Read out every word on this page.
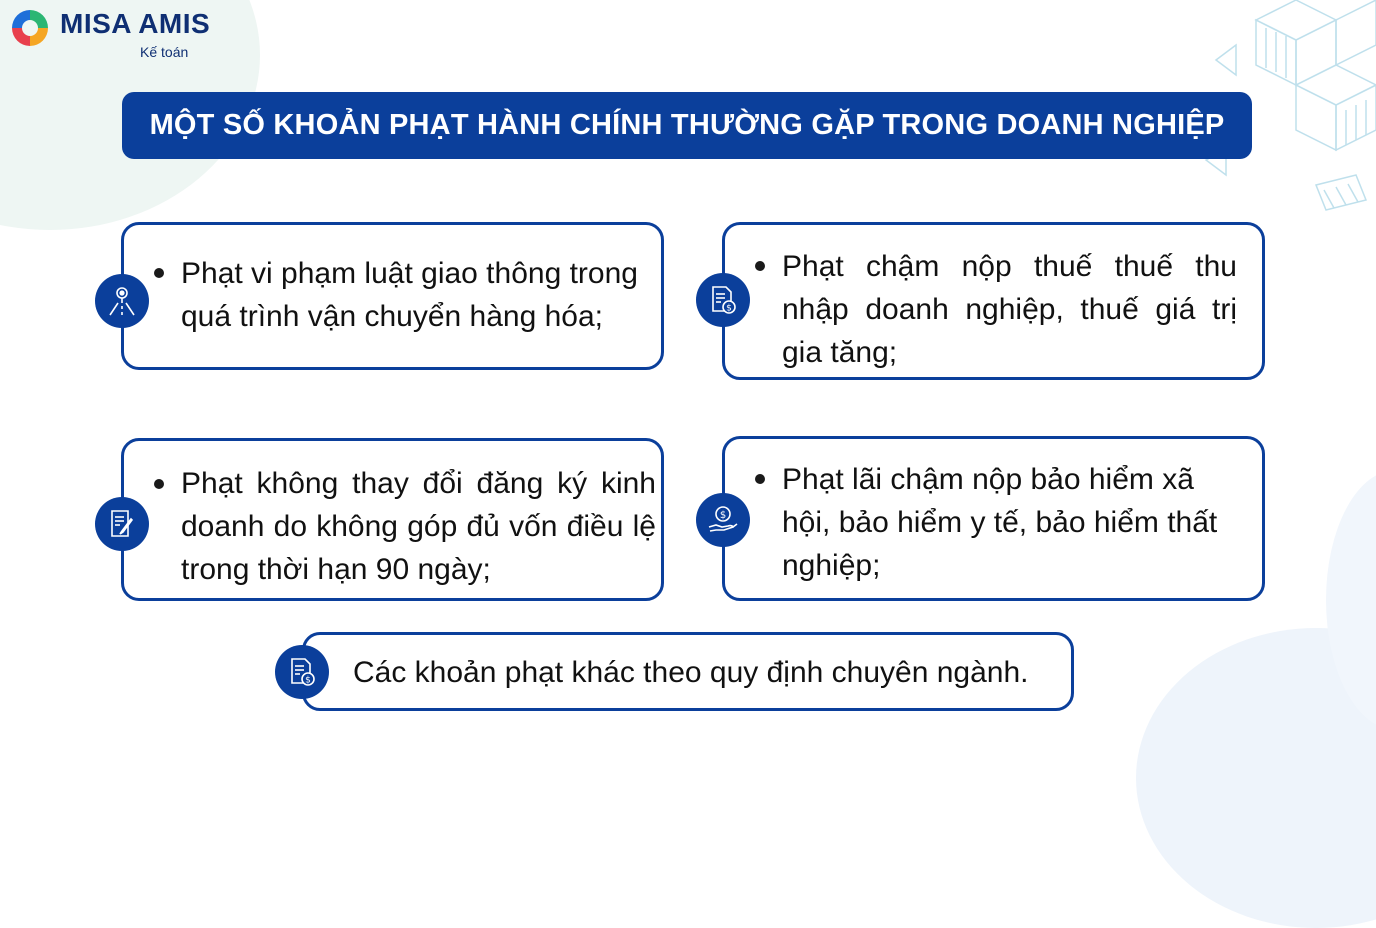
MISA AMIS
Kế toán
MỘT SỐ KHOẢN PHẠT HÀNH CHÍNH THƯỜNG GẶP TRONG DOANH NGHIỆP
Phạt vi phạm luật giao thông trong quá trình vận chuyển hàng hóa;
Phạt chậm nộp thuế thuế thu nhập doanh nghiệp, thuế giá trị gia tăng;
$
Phạt không thay đổi đăng ký kinh doanh do không góp đủ vốn điều lệ trong thời hạn 90 ngày;
Phạt lãi chậm nộp bảo hiểm xã hội, bảo hiểm y tế, bảo hiểm thất nghiệp;
$
Các khoản phạt khác theo quy định chuyên ngành.
$
